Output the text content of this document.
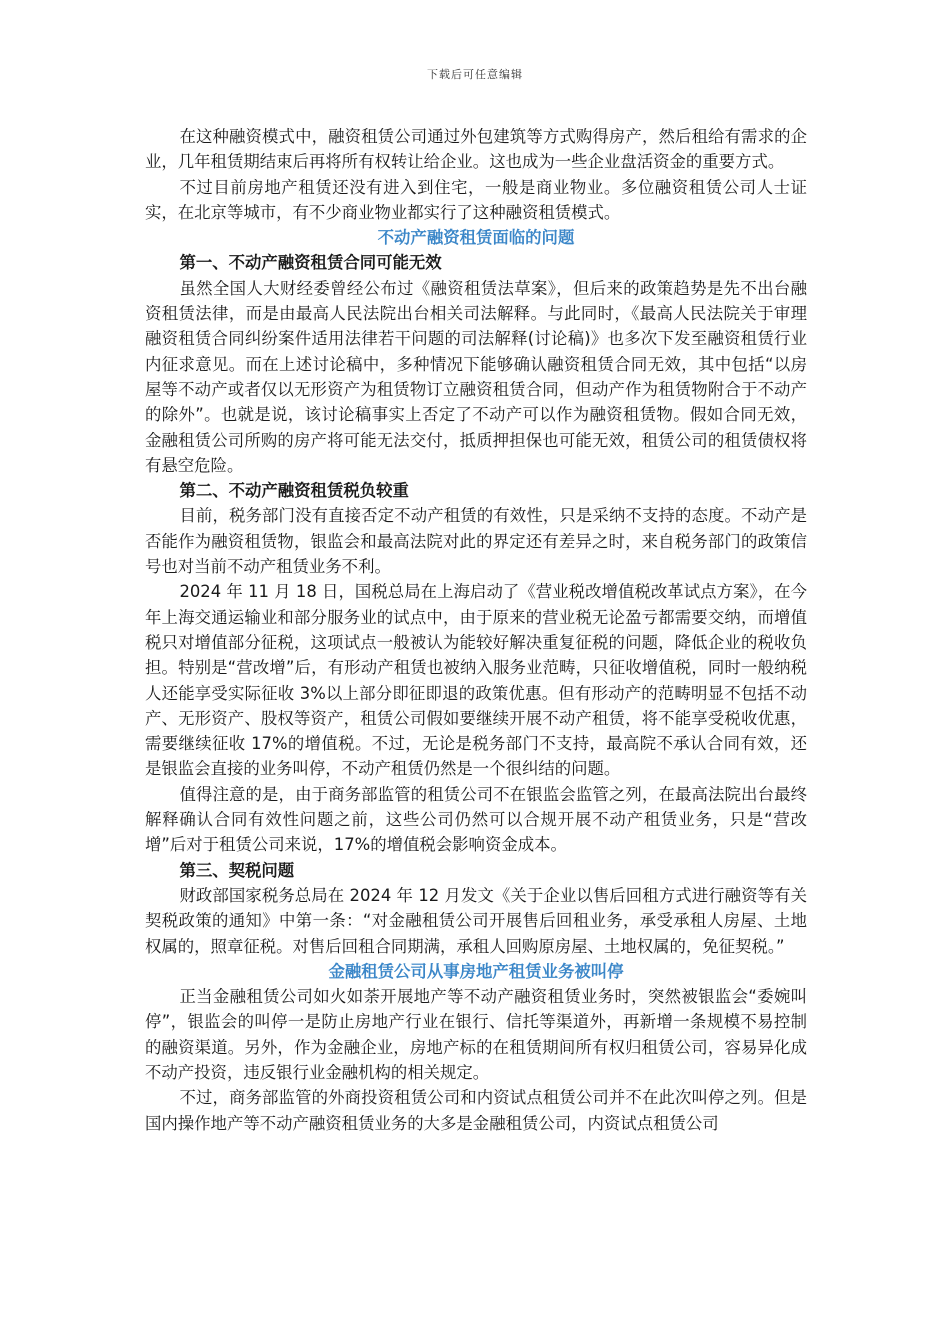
下载后可任意编辑

在这种融资模式中，融资租赁公司通过外包建筑等方式购得房产，然后租给有需求的企业，几年租赁期结束后再将所有权转让给企业。这也成为一些企业盘活资金的重要方式。

不过目前房地产租赁还没有进入到住宅，一般是商业物业。多位融资租赁公司人士证实，在北京等城市，有不少商业物业都实行了这种融资租赁模式。

不动产融资租赁面临的问题
第一、不动产融资租赁合同可能无效

虽然全国人大财经委曾经公布过《融资租赁法草案》，但后来的政策趋势是先不出台融资租赁法律，而是由最高人民法院出台相关司法解释。与此同时，《最高人民法院关于审理融资租赁合同纠纷案件适用法律若干问题的司法解释(讨论稿)》也多次下发至融资租赁行业内征求意见。而在上述讨论稿中，多种情况下能够确认融资租赁合同无效，其中包括“以房屋等不动产或者仅以无形资产为租赁物订立融资租赁合同，但动产作为租赁物附合于不动产的除外”。也就是说，该讨论稿事实上否定了不动产可以作为融资租赁物。假如合同无效，金融租赁公司所购的房产将可能无法交付，抵质押担保也可能无效，租赁公司的租赁债权将有悬空危险。

第二、不动产融资租赁税负较重

目前，税务部门没有直接否定不动产租赁的有效性，只是采纳不支持的态度。不动产是否能作为融资租赁物，银监会和最高法院对此的界定还有差异之时，来自税务部门的政策信号也对当前不动产租赁业务不利。

2024 年 11 月 18 日，国税总局在上海启动了《营业税改增值税改革试点方案》，在今年上海交通运输业和部分服务业的试点中，由于原来的营业税无论盈亏都需要交纳，而增值税只对增值部分征税，这项试点一般被认为能较好解决重复征税的问题，降低企业的税收负担。特别是“营改增”后，有形动产租赁也被纳入服务业范畴，只征收增值税，同时一般纳税人还能享受实际征收 3%以上部分即征即退的政策优惠。但有形动产的范畴明显不包括不动产、无形资产、股权等资产，租赁公司假如要继续开展不动产租赁，将不能享受税收优惠，需要继续征收 17%的增值税。不过，无论是税务部门不支持，最高院不承认合同有效，还是银监会直接的业务叫停，不动产租赁仍然是一个很纠结的问题。

值得注意的是，由于商务部监管的租赁公司不在银监会监管之列，在最高法院出台最终解释确认合同有效性问题之前，这些公司仍然可以合规开展不动产租赁业务，只是“营改增”后对于租赁公司来说，17%的增值税会影响资金成本。

第三、契税问题

财政部国家税务总局在 2024 年 12 月发文《关于企业以售后回租方式进行融资等有关契税政策的通知》中第一条：“对金融租赁公司开展售后回租业务，承受承租人房屋、土地权属的，照章征税。对售后回租合同期满，承租人回购原房屋、土地权属的，免征契税。”

金融租赁公司从事房地产租赁业务被叫停

正当金融租赁公司如火如荼开展地产等不动产融资租赁业务时，突然被银监会“委婉叫停”，银监会的叫停一是防止房地产行业在银行、信托等渠道外，再新增一条规模不易控制的融资渠道。另外，作为金融企业，房地产标的在租赁期间所有权归租赁公司，容易异化成不动产投资，违反银行业金融机构的相关规定。

不过，商务部监管的外商投资租赁公司和内资试点租赁公司并不在此次叫停之列。但是国内操作地产等不动产融资租赁业务的大多是金融租赁公司，内资试点租赁公司
